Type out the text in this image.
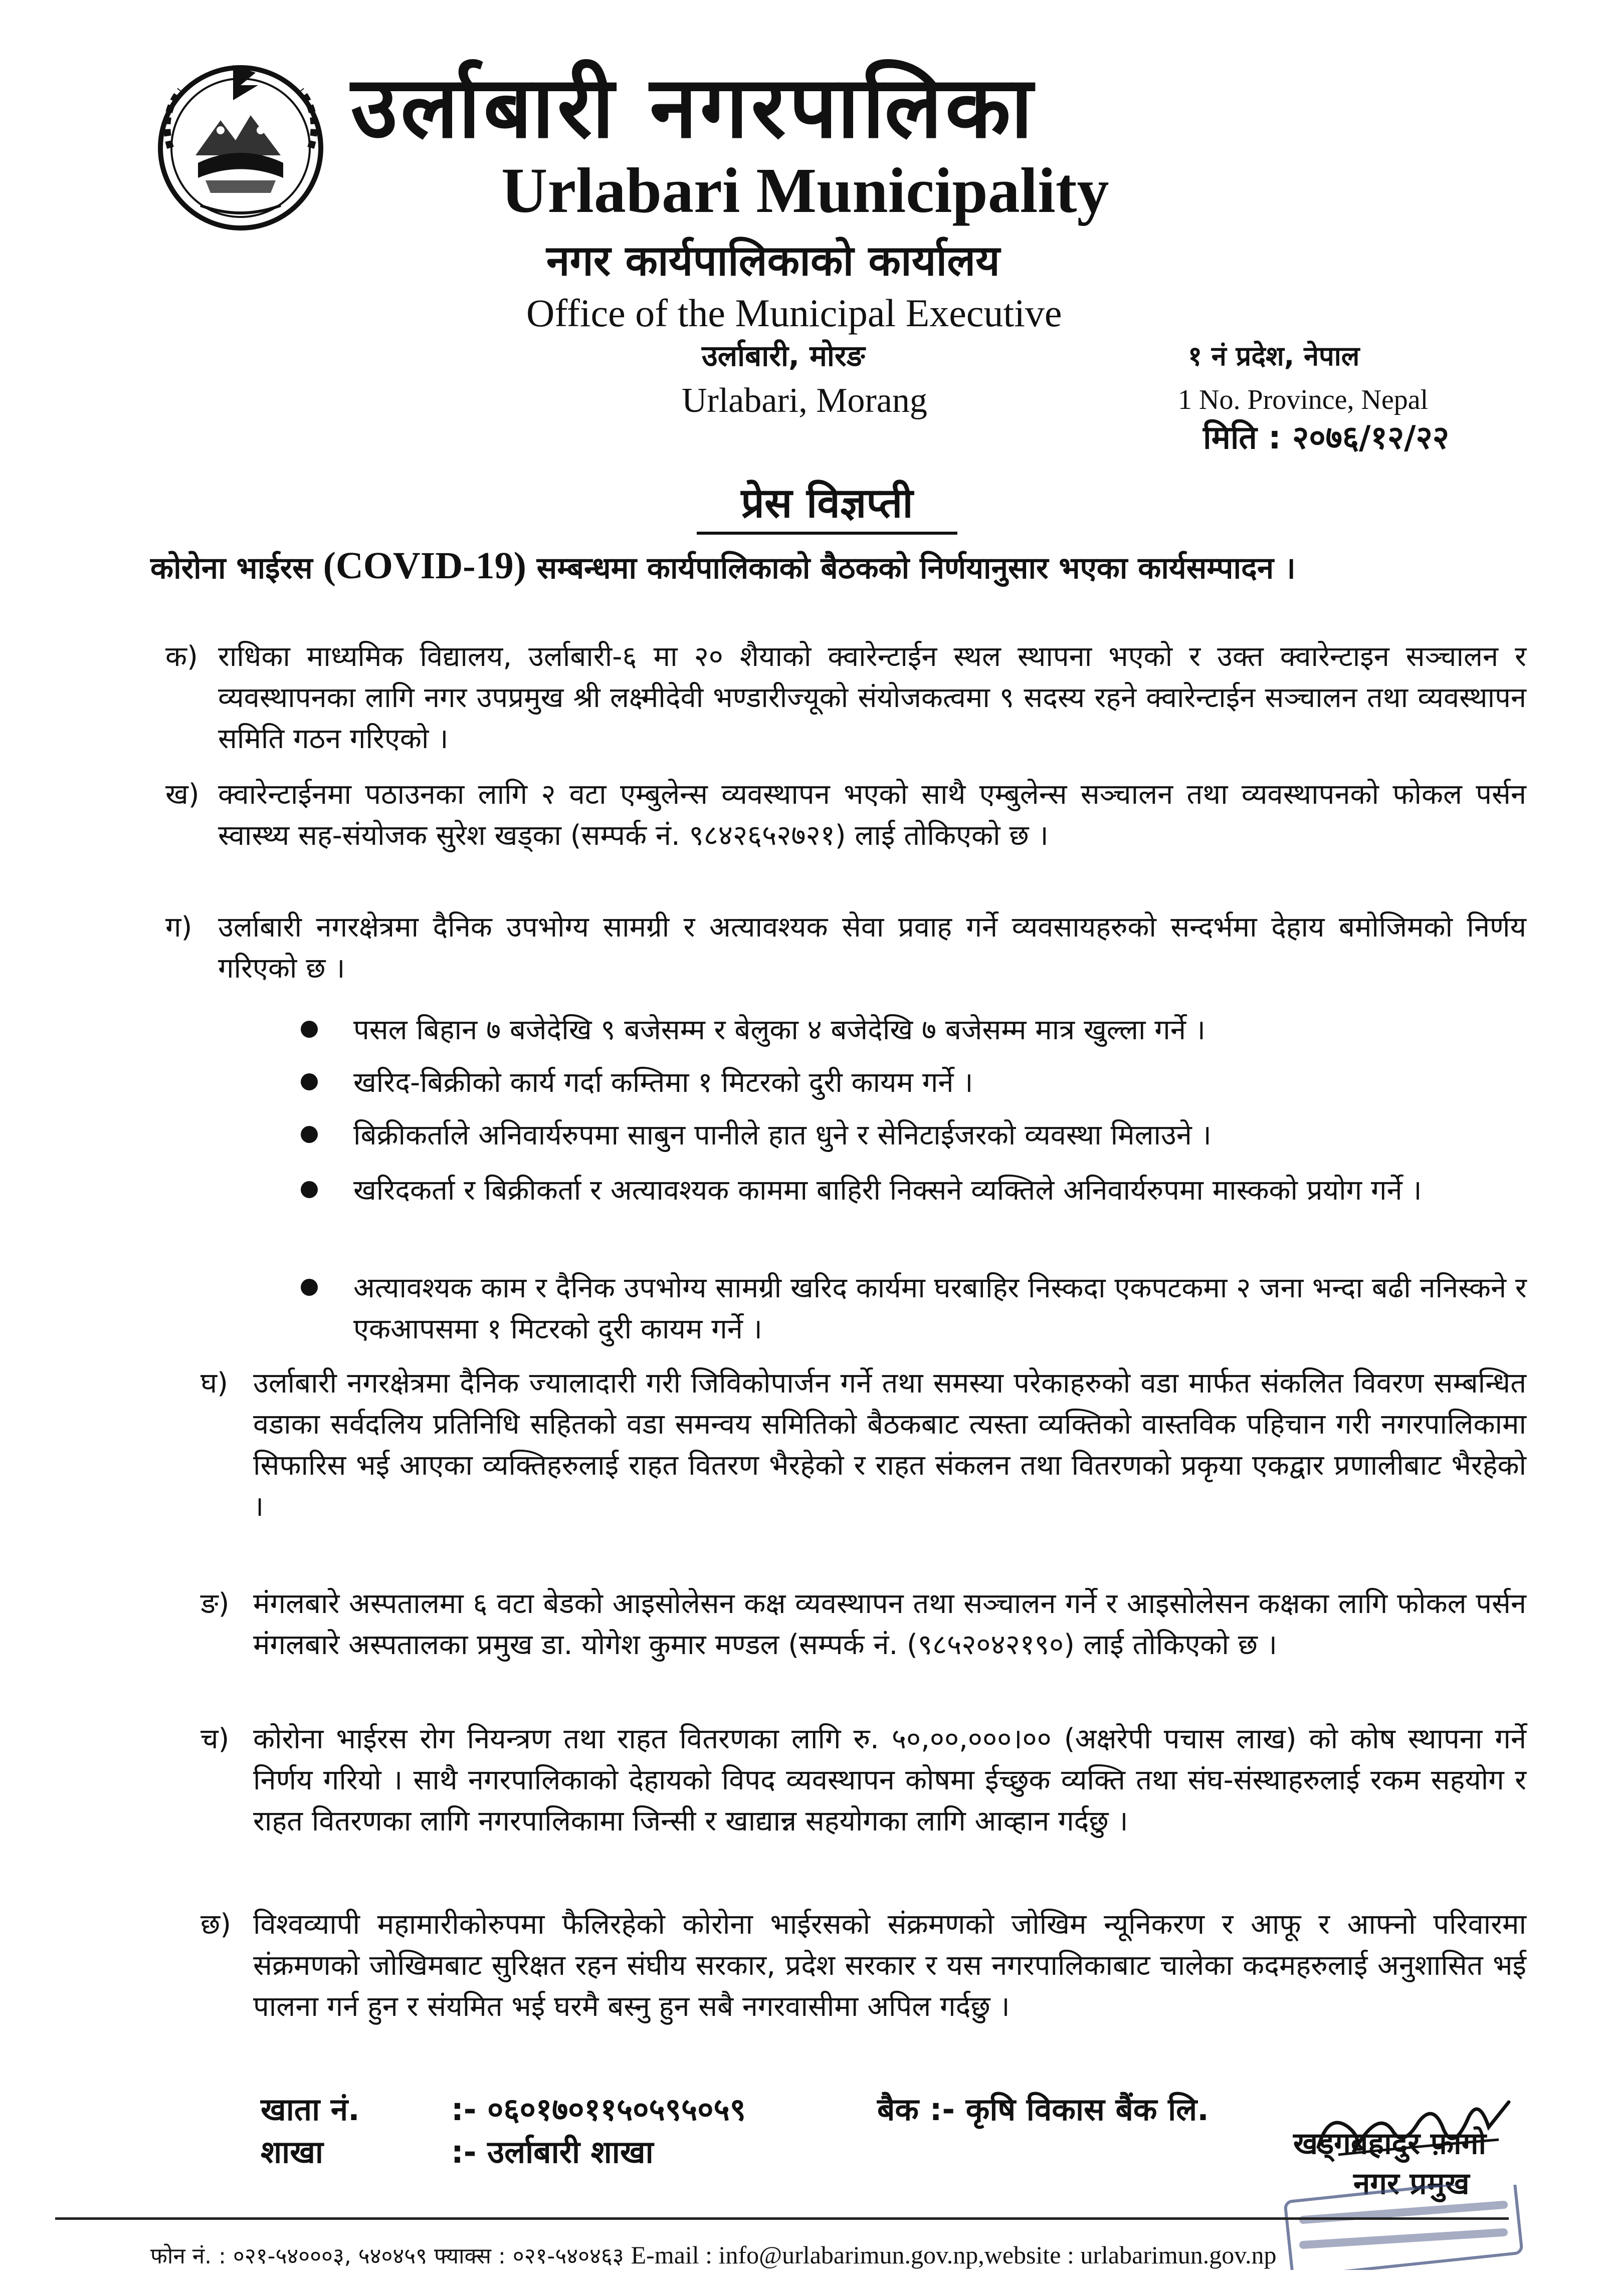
उर्लाबारी नगरपालिका
Urlabari Municipality
नगर कार्यपालिकाको कार्यालय
Office of the Municipal Executive
उर्लाबारी, मोरङ
Urlabari, Morang
१ नं प्रदेश, नेपाल
1 No. Province, Nepal
मिति : २०७६/१२/२२
प्रेस विज्ञप्ती
कोरोना भाईरस (COVID-19) सम्बन्धमा कार्यपालिकाको बैठकको निर्णयानुसार भएका कार्यसम्पादन ।
क) राधिका माध्यमिक विद्यालय, उर्लाबारी-६ मा २० शैयाको क्वारेन्टाईन स्थल स्थापना भएको र उक्त क्वारेन्टाइन सञ्चालन र व्यवस्थापनका लागि नगर उपप्रमुख श्री लक्ष्मीदेवी भण्डारीज्यूको संयोजकत्वमा ९ सदस्य रहने क्वारेन्टाईन सञ्चालन तथा व्यवस्थापन समिति गठन गरिएको ।
ख) क्वारेन्टाईनमा पठाउनका लागि २ वटा एम्बुलेन्स व्यवस्थापन भएको साथै एम्बुलेन्स सञ्चालन तथा व्यवस्थापनको फोकल पर्सन स्वास्थ्य सह-संयोजक सुरेश खड्का (सम्पर्क नं. ९८४२६५२७२१) लाई तोकिएको छ ।
ग) उर्लाबारी नगरक्षेत्रमा दैनिक उपभोग्य सामग्री र अत्यावश्यक सेवा प्रवाह गर्ने व्यवसायहरुको सन्दर्भमा देहाय बमोजिमको निर्णय गरिएको छ ।
पसल बिहान ७ बजेदेखि ९ बजेसम्म र बेलुका ४ बजेदेखि ७ बजेसम्म मात्र खुल्ला गर्ने ।
खरिद-बिक्रीको कार्य गर्दा कम्तिमा १ मिटरको दुरी कायम गर्ने ।
बिक्रीकर्ताले अनिवार्यरुपमा साबुन पानीले हात धुने र सेनिटाईजरको व्यवस्था मिलाउने ।
खरिदकर्ता र बिक्रीकर्ता र अत्यावश्यक काममा बाहिरी निक्सने व्यक्तिले अनिवार्यरुपमा मास्कको प्रयोग गर्ने ।
अत्यावश्यक काम र दैनिक उपभोग्य सामग्री खरिद कार्यमा घरबाहिर निस्कदा एकपटकमा २ जना भन्दा बढी ननिस्कने र एकआपसमा १ मिटरको दुरी कायम गर्ने ।
घ) उर्लाबारी नगरक्षेत्रमा दैनिक ज्यालादारी गरी जिविकोपार्जन गर्ने तथा समस्या परेकाहरुको वडा मार्फत संकलित विवरण सम्बन्धित वडाका सर्वदलिय प्रतिनिधि सहितको वडा समन्वय समितिको बैठकबाट त्यस्ता व्यक्तिको वास्तविक पहिचान गरी नगरपालिकामा सिफारिस भई आएका व्यक्तिहरुलाई राहत वितरण भैरहेको र राहत संकलन तथा वितरणको प्रकृया एकद्वार प्रणालीबाट भैरहेको ।
ङ) मंगलबारे अस्पतालमा ६ वटा बेडको आइसोलेसन कक्ष व्यवस्थापन तथा सञ्चालन गर्ने र आइसोलेसन कक्षका लागि फोकल पर्सन मंगलबारे अस्पतालका प्रमुख डा. योगेश कुमार मण्डल (सम्पर्क नं. (९८५२०४२१९०) लाई तोकिएको छ ।
च) कोरोना भाईरस रोग नियन्त्रण तथा राहत वितरणका लागि रु. ५०,००,०००।०० (अक्षरेपी पचास लाख) को कोष स्थापना गर्ने निर्णय गरियो । साथै नगरपालिकाको देहायको विपद व्यवस्थापन कोषमा ईच्छुक व्यक्ति तथा संघ-संस्थाहरुलाई रकम सहयोग र राहत वितरणका लागि नगरपालिकामा जिन्सी र खाद्यान्न सहयोगका लागि आव्हान गर्दछु ।
छ) विश्वव्यापी महामारीकोरुपमा फैलिरहेको कोरोना भाईरसको संक्रमणको जोखिम न्यूनिकरण र आफू र आफ्नो परिवारमा संक्रमणको जोखिमबाट सुरिक्षत रहन संघीय सरकार, प्रदेश सरकार र यस नगरपालिकाबाट चालेका कदमहरुलाई अनुशासित भई पालना गर्न हुन र संयमित भई घरमै बस्नु हुन सबै नगरवासीमा अपिल गर्दछु ।
खाता नं.	:- ०६०१७०११५०५९५०५९	बैक :- कृषि विकास बैंक लि.
शाखा	:- उर्लाबारी शाखा	खड्गबहादुर फ़ागो
नगर प्रमुख
फोन नं. : ०२१-५४०००३, ५४०४५९ फ्याक्स : ०२१-५४०४६३ E-mail : info@urlabarimun.gov.np,website : urlabarimun.gov.np
